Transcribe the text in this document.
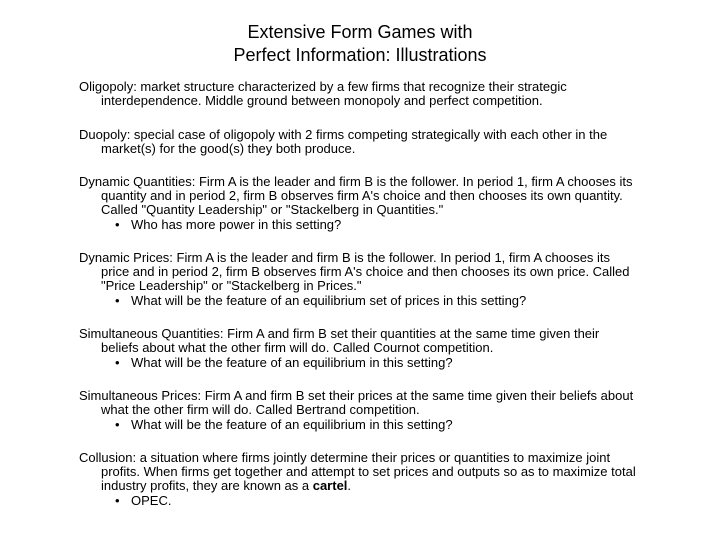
Extensive Form Games with
Perfect Information: Illustrations

Oligopoly: market structure characterized by a few firms that recognize their strategic interdependence. Middle ground between monopoly and perfect competition.

Duopoly: special case of oligopoly with 2 firms competing strategically with each other in the market(s) for the good(s) they both produce.

Dynamic Quantities: Firm A is the leader and firm B is the follower. In period 1, firm A chooses its quantity and in period 2, firm B observes firm A's choice and then chooses its own quantity. Called "Quantity Leadership" or "Stackelberg in Quantities."

• Who has more power in this setting?

Dynamic Prices: Firm A is the leader and firm B is the follower. In period 1, firm A chooses its price and in period 2, firm B observes firm A's choice and then chooses its own price. Called "Price Leadership" or "Stackelberg in Prices."

• What will be the feature of an equilibrium set of prices in this setting?

Simultaneous Quantities: Firm A and firm B set their quantities at the same time given their beliefs about what the other firm will do. Called Cournot competition.

• What will be the feature of an equilibrium in this setting?

Simultaneous Prices: Firm A and firm B set their prices at the same time given their beliefs about what the other firm will do. Called Bertrand competition.

• What will be the feature of an equilibrium in this setting?

Collusion: a situation where firms jointly determine their prices or quantities to maximize joint profits. When firms get together and attempt to set prices and outputs so as to maximize total industry profits, they are known as a cartel.

• OPEC.
